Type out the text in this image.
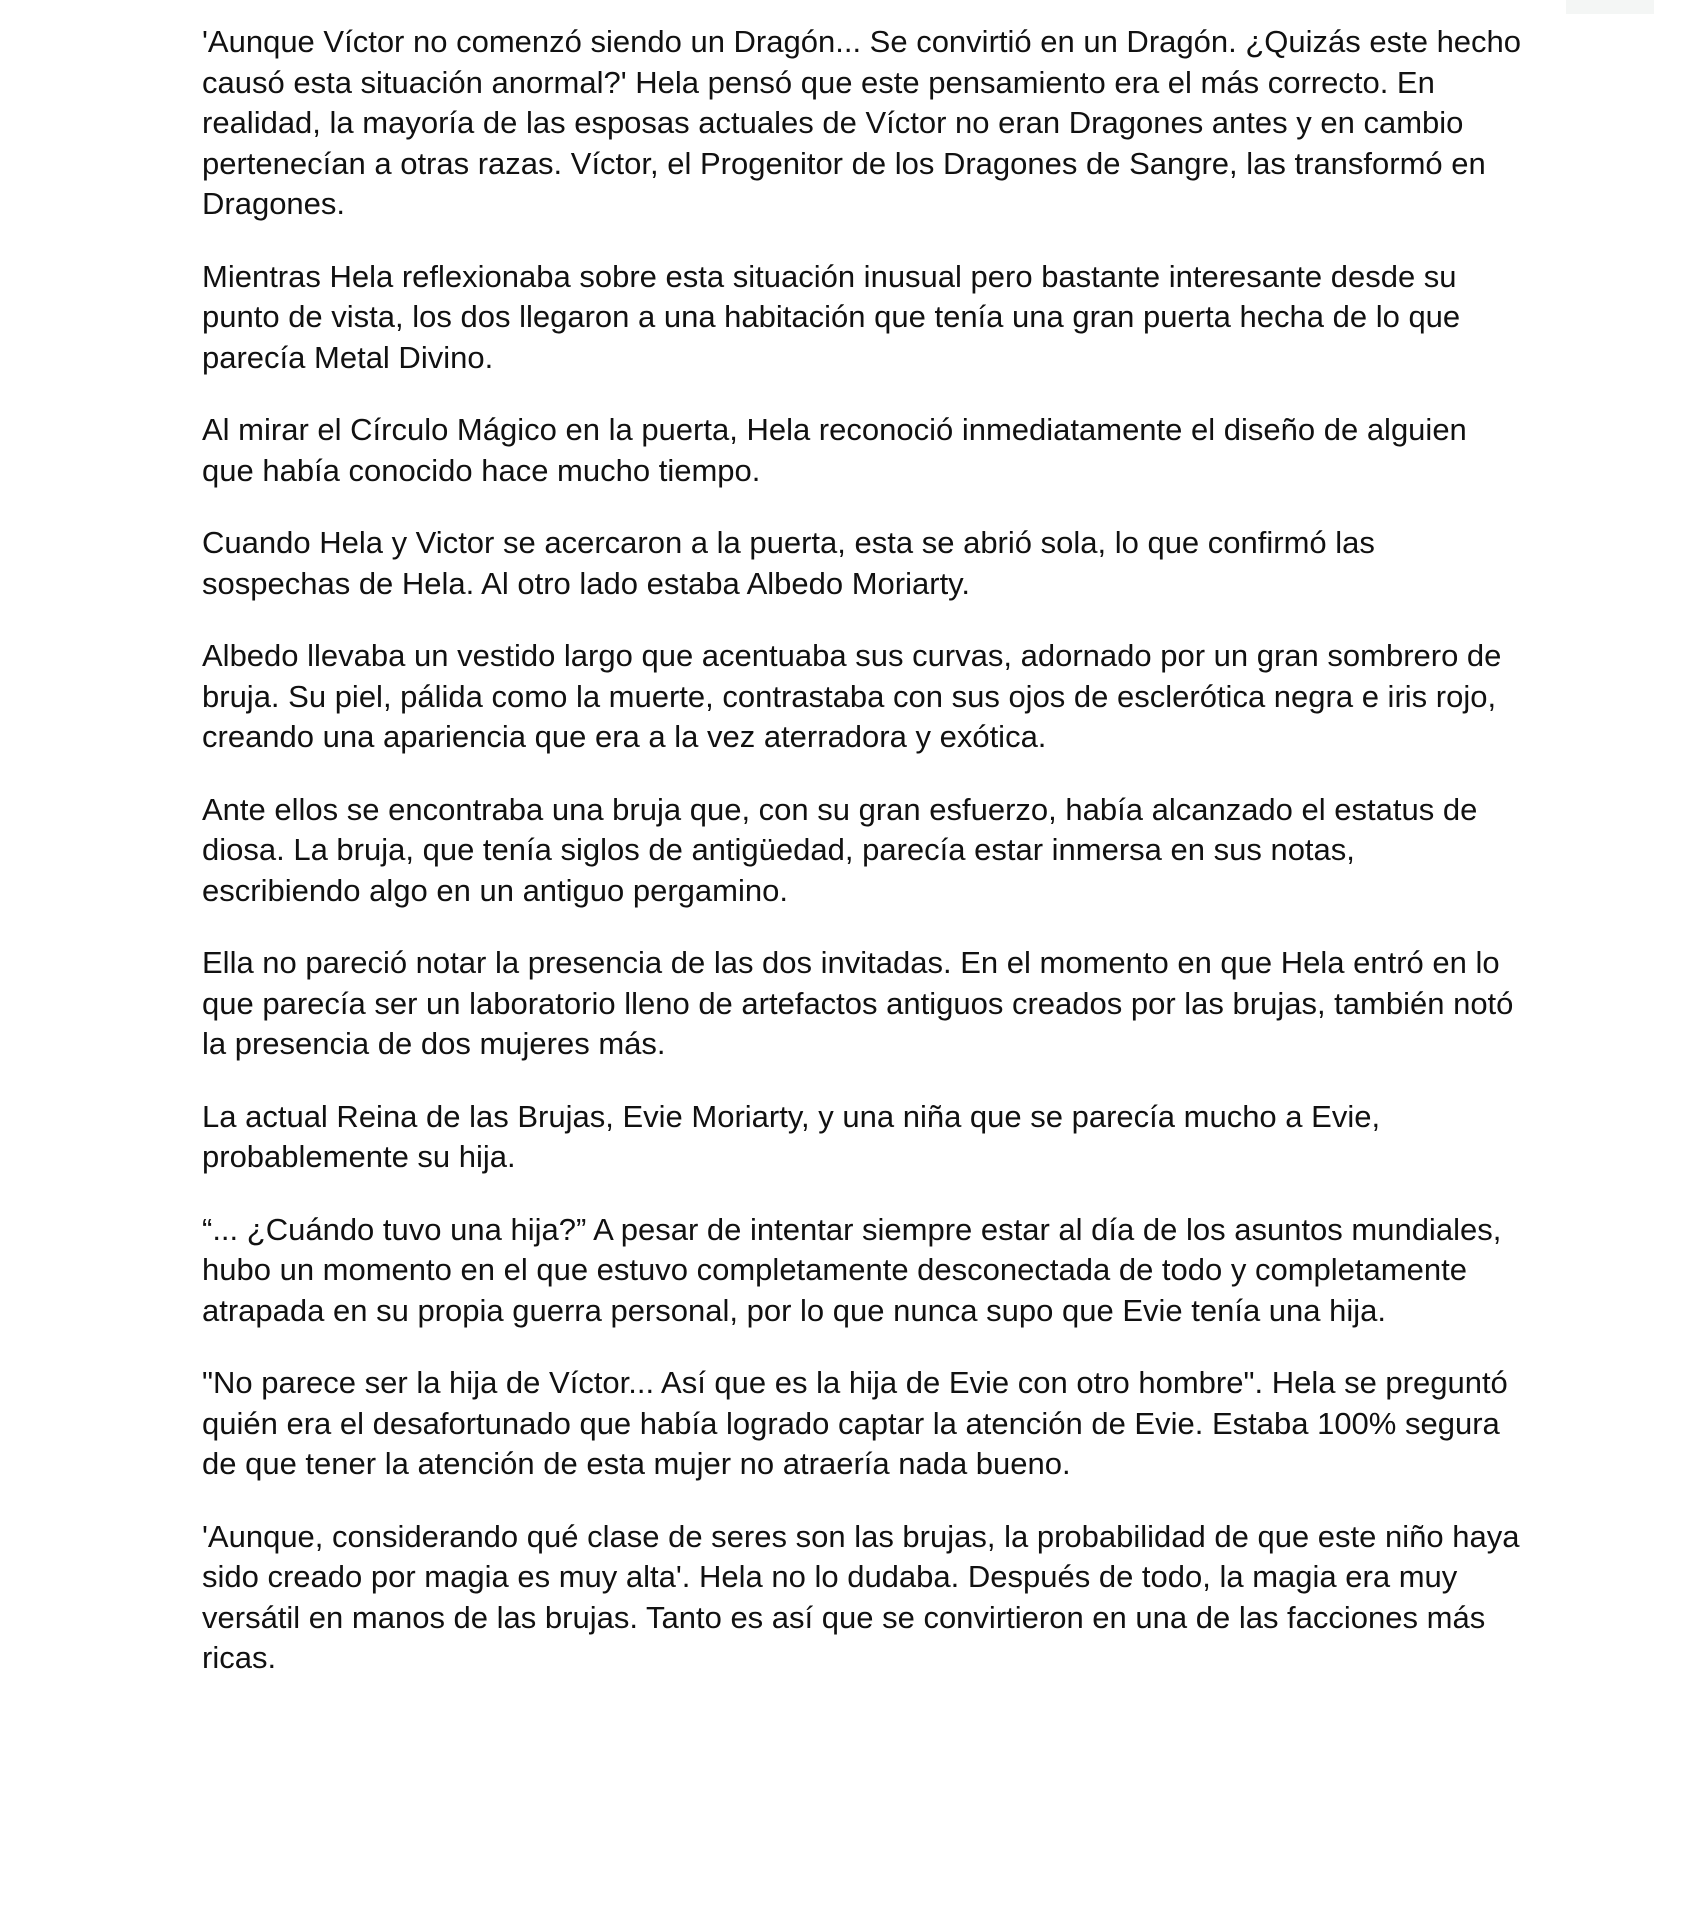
'Aunque Víctor no comenzó siendo un Dragón... Se convirtió en un Dragón. ¿Quizás este hecho causó esta situación anormal?' Hela pensó que este pensamiento era el más correcto. En realidad, la mayoría de las esposas actuales de Víctor no eran Dragones antes y en cambio pertenecían a otras razas. Víctor, el Progenitor de los Dragones de Sangre, las transformó en Dragones.

Mientras Hela reflexionaba sobre esta situación inusual pero bastante interesante desde su punto de vista, los dos llegaron a una habitación que tenía una gran puerta hecha de lo que parecía Metal Divino.

Al mirar el Círculo Mágico en la puerta, Hela reconoció inmediatamente el diseño de alguien que había conocido hace mucho tiempo.

Cuando Hela y Victor se acercaron a la puerta, esta se abrió sola, lo que confirmó las sospechas de Hela. Al otro lado estaba Albedo Moriarty.

Albedo llevaba un vestido largo que acentuaba sus curvas, adornado por un gran sombrero de bruja. Su piel, pálida como la muerte, contrastaba con sus ojos de esclerótica negra e iris rojo, creando una apariencia que era a la vez aterradora y exótica.

Ante ellos se encontraba una bruja que, con su gran esfuerzo, había alcanzado el estatus de diosa. La bruja, que tenía siglos de antigüedad, parecía estar inmersa en sus notas, escribiendo algo en un antiguo pergamino.

Ella no pareció notar la presencia de las dos invitadas. En el momento en que Hela entró en lo que parecía ser un laboratorio lleno de artefactos antiguos creados por las brujas, también notó la presencia de dos mujeres más.

La actual Reina de las Brujas, Evie Moriarty, y una niña que se parecía mucho a Evie, probablemente su hija.

“... ¿Cuándo tuvo una hija?” A pesar de intentar siempre estar al día de los asuntos mundiales, hubo un momento en el que estuvo completamente desconectada de todo y completamente atrapada en su propia guerra personal, por lo que nunca supo que Evie tenía una hija.

"No parece ser la hija de Víctor... Así que es la hija de Evie con otro hombre". Hela se preguntó quién era el desafortunado que había logrado captar la atención de Evie. Estaba 100% segura de que tener la atención de esta mujer no atraería nada bueno.

'Aunque, considerando qué clase de seres son las brujas, la probabilidad de que este niño haya sido creado por magia es muy alta'. Hela no lo dudaba. Después de todo, la magia era muy versátil en manos de las brujas. Tanto es así que se convirtieron en una de las facciones más ricas.
